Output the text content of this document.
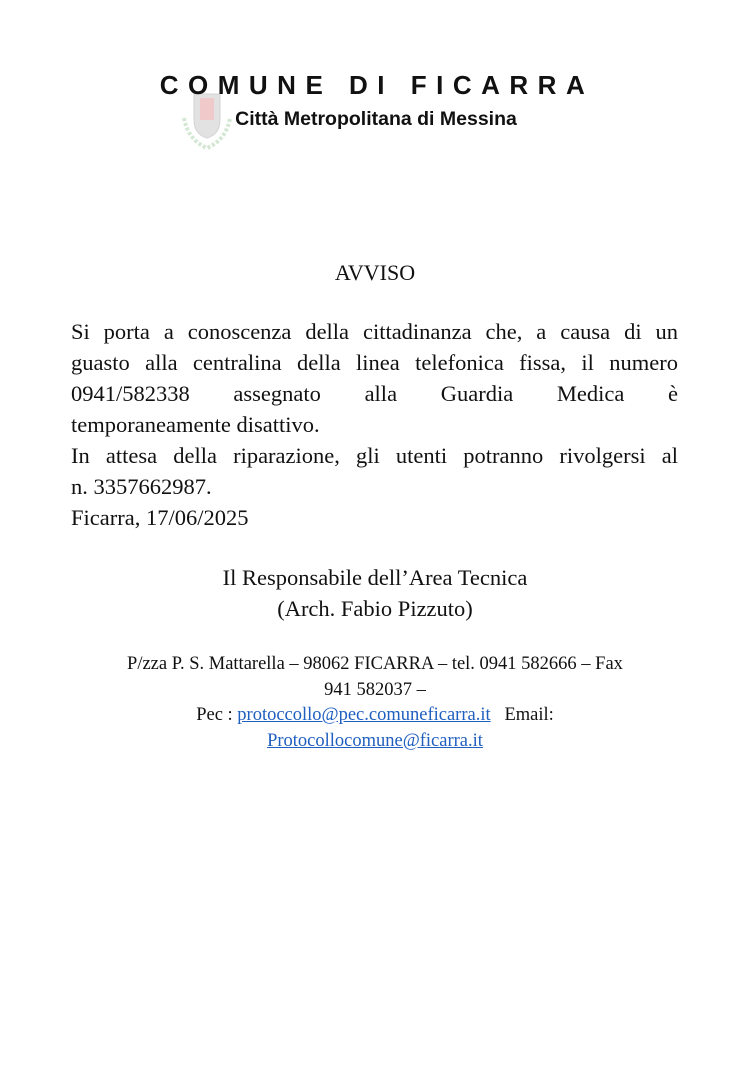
COMUNE DI FICARRA
Città Metropolitana di Messina
AVVISO
Si porta a conoscenza della cittadinanza che, a causa di un
guasto alla centralina della linea telefonica fissa, il numero
0941/582338 assegnato alla Guardia Medica è
temporaneamente disattivo.
In attesa della riparazione, gli utenti potranno rivolgersi al
n. 3357662987.
Ficarra, 17/06/2025
Il Responsabile dell’Area Tecnica
(Arch. Fabio Pizzuto)
P/zza P. S. Mattarella – 98062 FICARRA – tel. 0941 582666 – Fax
941 582037 –
Pec : protoccollo@pec.comuneficarra.it Email:
Protocollocomune@ficarra.it
